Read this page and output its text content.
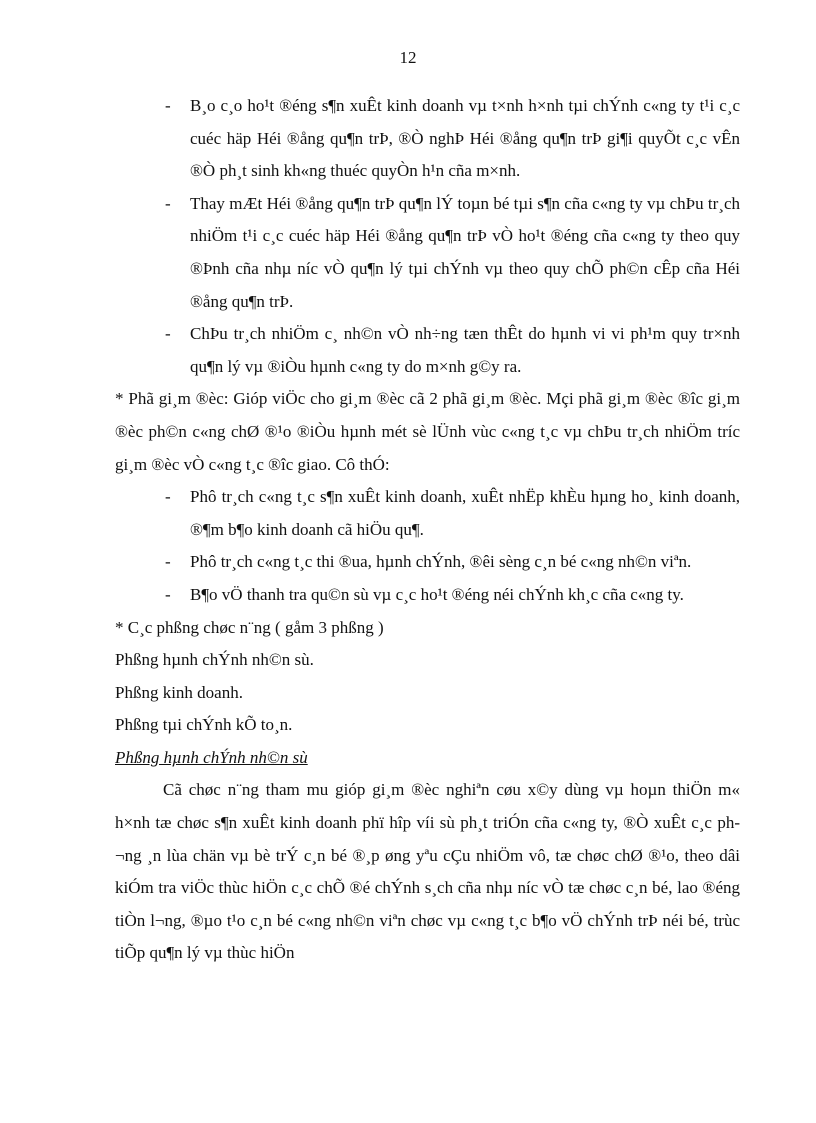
12
- B¸o c¸o ho¹t ®éng s¶n xuÊt kinh doanh vµ t×nh h×nh tµi chÝnh c«ng ty t¹i c¸c cuéc häp Héi ®ång qu¶n trÞ, ®Ò nghÞ Héi ®ång qu¶n trÞ gi¶i quyÕt c¸c vÊn ®Ò ph¸t sinh kh«ng thuéc quyÒn h¹n cña m×nh.
- Thay mÆt Héi ®ång qu¶n trÞ qu¶n lÝ toµn bé tµi s¶n cña c«ng ty vµ chÞu tr¸ch nhiÖm t¹i c¸c cuéc häp Héi ®ång qu¶n trÞ vÒ ho¹t ®éng cña c«ng ty theo quy ®Þnh cña nhµ níc vÒ qu¶n lý tµi chÝnh vµ theo quy chÕ ph©n cÊp cña Héi ®ång qu¶n trÞ.
- ChÞu tr¸ch nhiÖm c¸ nh©n vÒ nh÷ng tæn thÊt do hµnh vi vi ph¹m quy tr×nh qu¶n lý vµ ®iÒu hµnh c«ng ty do m×nh g©y ra.

* Phã gi¸m ®èc: Gióp viÖc cho gi¸m ®èc cã 2 phã gi¸m ®èc. Mçi phã gi¸m ®èc ®îc gi¸m ®èc ph©n c«ng chØ ®¹o ®iÒu hµnh mét sè lÜnh vùc c«ng t¸c vµ chÞu tr¸ch nhiÖm tríc gi¸m ®èc vÒ c«ng t¸c ®îc giao. Cô thÓ:

- Phô tr¸ch c«ng t¸c s¶n xuÊt kinh doanh, xuÊt nhËp khÈu hµng ho¸ kinh doanh, ®¶m b¶o kinh doanh cã hiÖu qu¶.
- Phô tr¸ch c«ng t¸c thi ®ua, hµnh chÝnh, ®êi sèng c¸n bé c«ng nh©n viªn.
- B¶o vÖ thanh tra qu©n sù vµ c¸c ho¹t ®éng néi chÝnh kh¸c cña c«ng ty.

* C¸c phßng chøc n¨ng ( gåm 3 phßng )

Phßng hµnh chÝnh nh©n sù.

Phßng kinh doanh.

Phßng tµi chÝnh kÕ to¸n.

Phßng hµnh chÝnh nh©n sù

Cã chøc n¨ng tham mu gióp gi¸m ®èc nghiªn cøu x©y dùng vµ hoµn thiÖn m« h×nh tæ chøc s¶n xuÊt kinh doanh phï hîp víi sù ph¸t triÓn cña c«ng ty, ®Ò xuÊt c¸c ph¬ng ¸n lùa chän vµ bè trÝ c¸n bé ®¸p øng yªu cÇu nhiÖm vô, tæ chøc chØ ®¹o, theo dâi kiÓm tra viÖc thùc hiÖn c¸c chÕ ®é chÝnh s¸ch cña nhµ níc vÒ tæ chøc c¸n bé, lao ®éng tiÒn l¬ng, ®µo t¹o c¸n bé c«ng nh©n viªn chøc vµ c«ng t¸c b¶o vÖ chÝnh trÞ néi bé, trùc tiÕp qu¶n lý vµ thùc hiÖn
